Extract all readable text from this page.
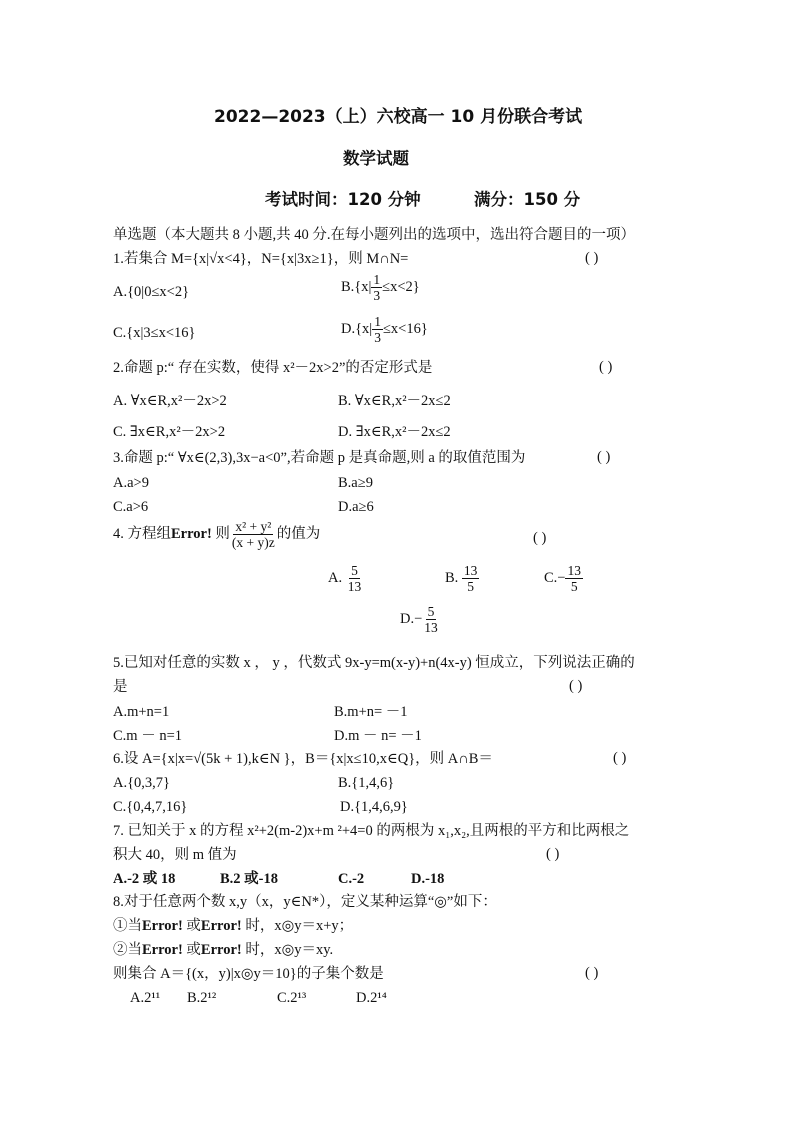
2022—2023（上）六校高一 10 月份联合考试
数学试题
考试时间：120 分钟	满分：150 分
单选题（本大题共 8 小题,共 40 分.在每小题列出的选项中，选出符合题目的一项）
1.若集合 M={x|√x<4}，N={x|3x≥1}，则 M∩N=	( )
A.{0|0≤x<2}	$B.\{x| \frac{1}{3} \le x<2\}$
C.{x|3≤x<16}	$D.\{x| \frac{1}{3} \le x<16\}$
2.命题 p:“ 存在实数，使得 x²－2x>2”的否定形式是	( )
A. ∀x∈R,x²－2x>2	B. ∀x∈R,x²－2x≤2
C. ∃x∈R,x²－2x>2	D. ∃x∈R,x²－2x≤2
3.命题 p:“ ∀x∈(2,3),3x−a<0”,若命题 p 是真命题,则 a 的取值范围为	( )
A.a>9	B.a≥9
C.a>6	D.a≥6
4. 方程组Error! 则 $\frac{\text{x² + y²}}{(x + y)z}$ 的值为	( )
A. $\frac{5}{13}$	B. $\frac{13}{5}$	$C.- \frac{13}{5}$
$D.- \frac{5}{13}$
5.已知对任意的实数 x ， y ，代数式 9x-y=m(x-y)+n(4x-y) 恒成立，下列说法正确的
是	( )
A.m+n=1	B.m+n= －1
C.m － n=1	D.m － n= －1
6.设 A={x|x=√(5k + 1),k∈N }，B＝{x|x≤10,x∈Q}，则 A∩B＝	( )
A.{0,3,7}	B.{1,4,6}
C.{0,4,7,16}	D.{1,4,6,9}
7. 已知关于 x 的方程 x²+2(m-2)x+m ²+4=0 的两根为 x₁,x₂,且两根的平方和比两根之
积大 40，则 m 值为	( )
A.-2 或 18	B.2 或-18	C.-2	D.-18
8.对于任意两个数 x,y（x，y∈N*），定义某种运算“◎”如下：
①当Error! 或Error! 时，x◎y＝x+y；
②当Error! 或Error! 时，x◎y＝xy.
则集合 A＝{(x，y)|x◎y＝10}的子集个数是	( )
A.2¹¹ B.2¹²	C.2¹³	D.2¹⁴
